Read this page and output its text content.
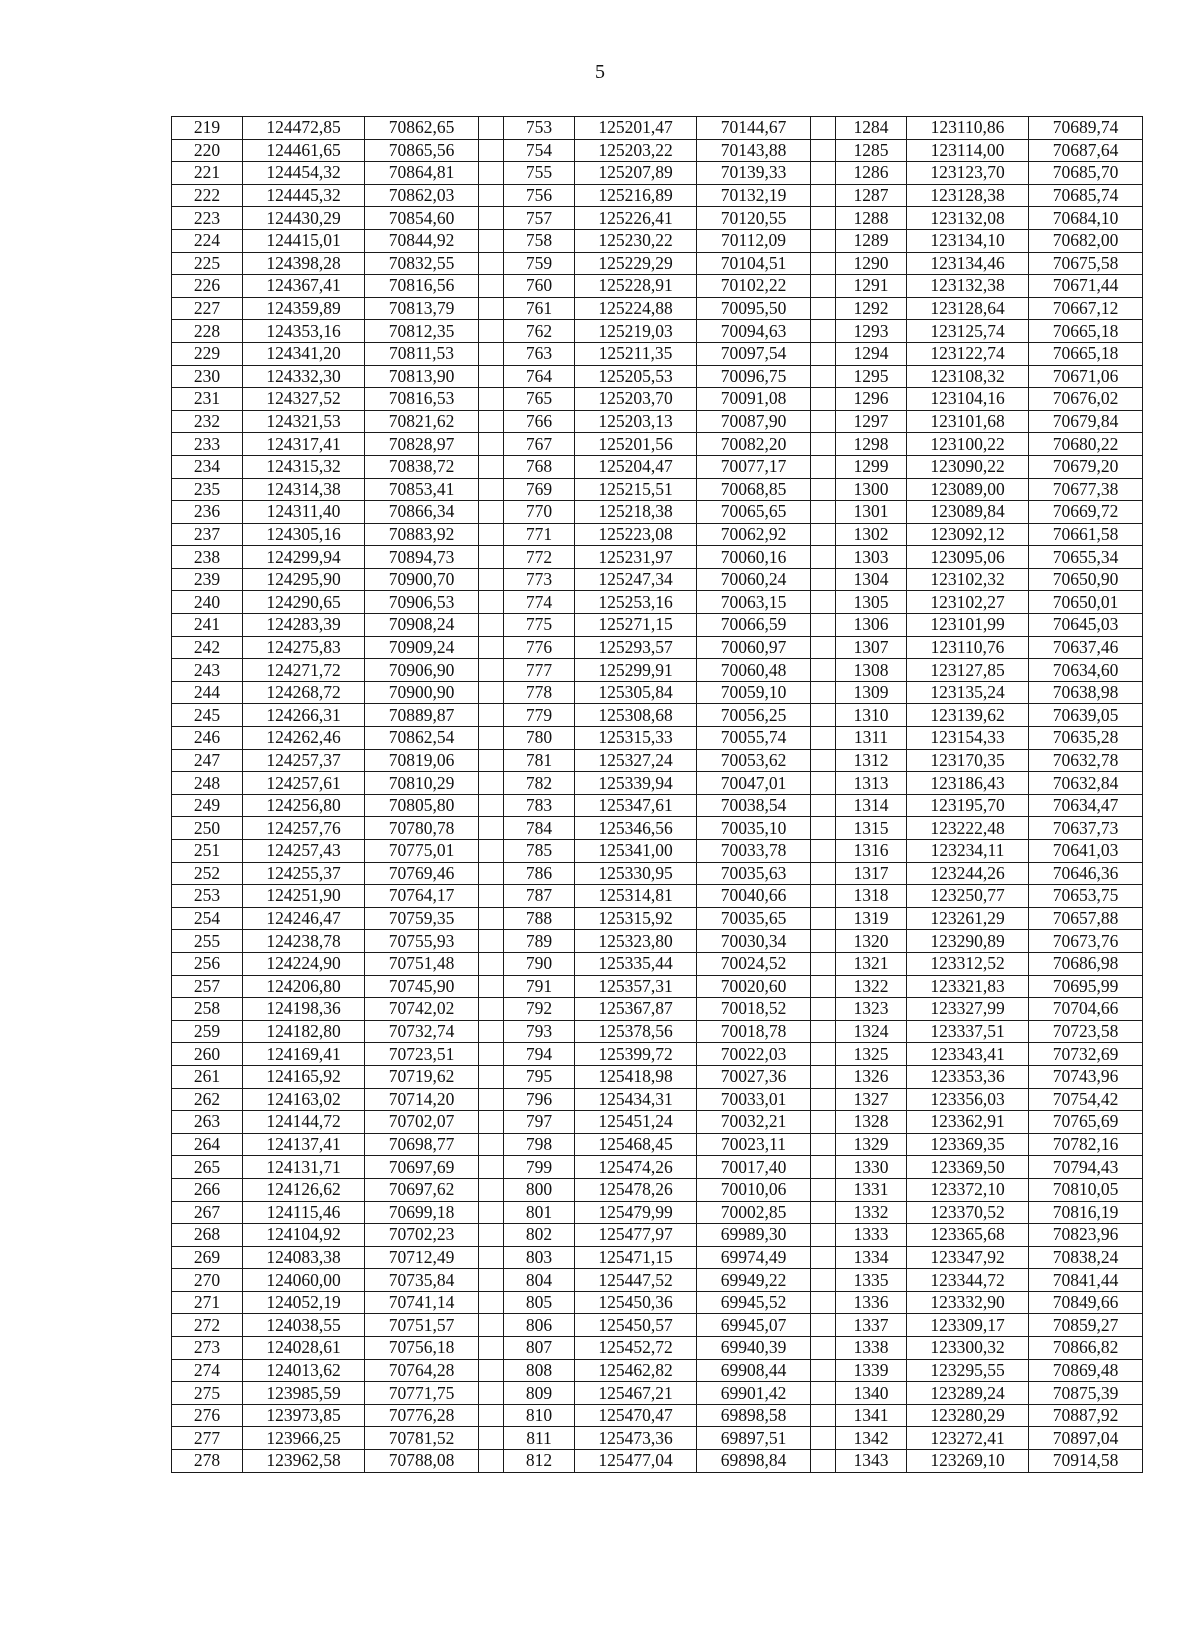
5
219	124472,85	70862,65		753	125201,47	70144,67		1284	123110,86	70689,74
220	124461,65	70865,56		754	125203,22	70143,88		1285	123114,00	70687,64
221	124454,32	70864,81		755	125207,89	70139,33		1286	123123,70	70685,70
222	124445,32	70862,03		756	125216,89	70132,19		1287	123128,38	70685,74
223	124430,29	70854,60		757	125226,41	70120,55		1288	123132,08	70684,10
224	124415,01	70844,92		758	125230,22	70112,09		1289	123134,10	70682,00
225	124398,28	70832,55		759	125229,29	70104,51		1290	123134,46	70675,58
226	124367,41	70816,56		760	125228,91	70102,22		1291	123132,38	70671,44
227	124359,89	70813,79		761	125224,88	70095,50		1292	123128,64	70667,12
228	124353,16	70812,35		762	125219,03	70094,63		1293	123125,74	70665,18
229	124341,20	70811,53		763	125211,35	70097,54		1294	123122,74	70665,18
230	124332,30	70813,90		764	125205,53	70096,75		1295	123108,32	70671,06
231	124327,52	70816,53		765	125203,70	70091,08		1296	123104,16	70676,02
232	124321,53	70821,62		766	125203,13	70087,90		1297	123101,68	70679,84
233	124317,41	70828,97		767	125201,56	70082,20		1298	123100,22	70680,22
234	124315,32	70838,72		768	125204,47	70077,17		1299	123090,22	70679,20
235	124314,38	70853,41		769	125215,51	70068,85		1300	123089,00	70677,38
236	124311,40	70866,34		770	125218,38	70065,65		1301	123089,84	70669,72
237	124305,16	70883,92		771	125223,08	70062,92		1302	123092,12	70661,58
238	124299,94	70894,73		772	125231,97	70060,16		1303	123095,06	70655,34
239	124295,90	70900,70		773	125247,34	70060,24		1304	123102,32	70650,90
240	124290,65	70906,53		774	125253,16	70063,15		1305	123102,27	70650,01
241	124283,39	70908,24		775	125271,15	70066,59		1306	123101,99	70645,03
242	124275,83	70909,24		776	125293,57	70060,97		1307	123110,76	70637,46
243	124271,72	70906,90		777	125299,91	70060,48		1308	123127,85	70634,60
244	124268,72	70900,90		778	125305,84	70059,10		1309	123135,24	70638,98
245	124266,31	70889,87		779	125308,68	70056,25		1310	123139,62	70639,05
246	124262,46	70862,54		780	125315,33	70055,74		1311	123154,33	70635,28
247	124257,37	70819,06		781	125327,24	70053,62		1312	123170,35	70632,78
248	124257,61	70810,29		782	125339,94	70047,01		1313	123186,43	70632,84
249	124256,80	70805,80		783	125347,61	70038,54		1314	123195,70	70634,47
250	124257,76	70780,78		784	125346,56	70035,10		1315	123222,48	70637,73
251	124257,43	70775,01		785	125341,00	70033,78		1316	123234,11	70641,03
252	124255,37	70769,46		786	125330,95	70035,63		1317	123244,26	70646,36
253	124251,90	70764,17		787	125314,81	70040,66		1318	123250,77	70653,75
254	124246,47	70759,35		788	125315,92	70035,65		1319	123261,29	70657,88
255	124238,78	70755,93		789	125323,80	70030,34		1320	123290,89	70673,76
256	124224,90	70751,48		790	125335,44	70024,52		1321	123312,52	70686,98
257	124206,80	70745,90		791	125357,31	70020,60		1322	123321,83	70695,99
258	124198,36	70742,02		792	125367,87	70018,52		1323	123327,99	70704,66
259	124182,80	70732,74		793	125378,56	70018,78		1324	123337,51	70723,58
260	124169,41	70723,51		794	125399,72	70022,03		1325	123343,41	70732,69
261	124165,92	70719,62		795	125418,98	70027,36		1326	123353,36	70743,96
262	124163,02	70714,20		796	125434,31	70033,01		1327	123356,03	70754,42
263	124144,72	70702,07		797	125451,24	70032,21		1328	123362,91	70765,69
264	124137,41	70698,77		798	125468,45	70023,11		1329	123369,35	70782,16
265	124131,71	70697,69		799	125474,26	70017,40		1330	123369,50	70794,43
266	124126,62	70697,62		800	125478,26	70010,06		1331	123372,10	70810,05
267	124115,46	70699,18		801	125479,99	70002,85		1332	123370,52	70816,19
268	124104,92	70702,23		802	125477,97	69989,30		1333	123365,68	70823,96
269	124083,38	70712,49		803	125471,15	69974,49		1334	123347,92	70838,24
270	124060,00	70735,84		804	125447,52	69949,22		1335	123344,72	70841,44
271	124052,19	70741,14		805	125450,36	69945,52		1336	123332,90	70849,66
272	124038,55	70751,57		806	125450,57	69945,07		1337	123309,17	70859,27
273	124028,61	70756,18		807	125452,72	69940,39		1338	123300,32	70866,82
274	124013,62	70764,28		808	125462,82	69908,44		1339	123295,55	70869,48
275	123985,59	70771,75		809	125467,21	69901,42		1340	123289,24	70875,39
276	123973,85	70776,28		810	125470,47	69898,58		1341	123280,29	70887,92
277	123966,25	70781,52		811	125473,36	69897,51		1342	123272,41	70897,04
278	123962,58	70788,08		812	125477,04	69898,84		1343	123269,10	70914,58
